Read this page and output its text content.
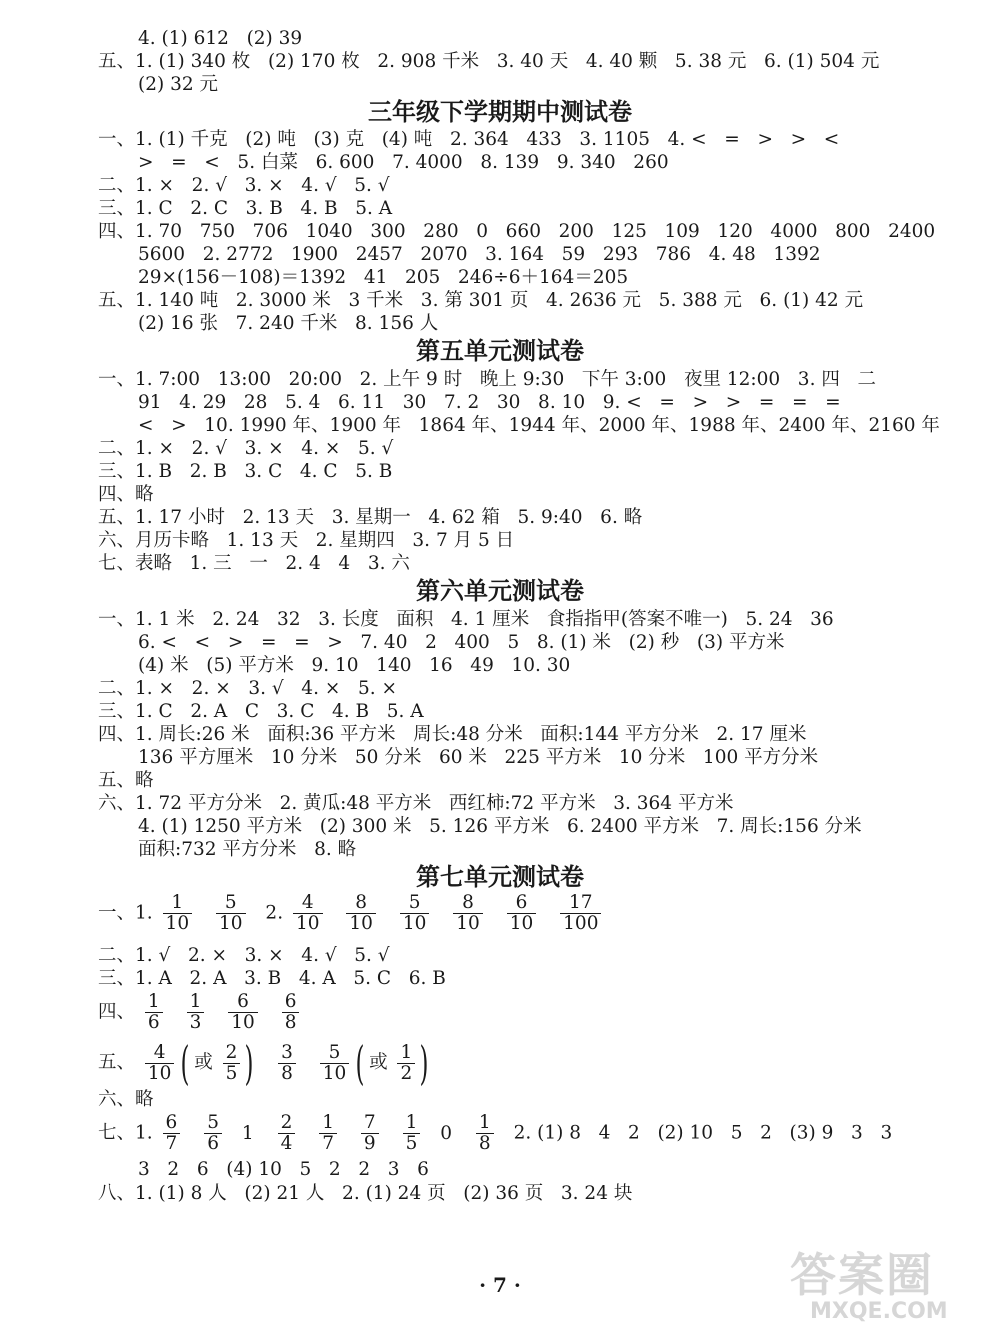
4. (1) 612   (2) 39
五、1. (1) 340 枚   (2) 170 枚   2. 908 千米   3. 40 天   4. 40 颗   5. 38 元   6. (1) 504 元
(2) 32 元
三年级下学期期中测试卷
一、1. (1) 千克   (2) 吨   (3) 克   (4) 吨   2. 364   433   3. 1105   4. <   =   >   >   <
>   =   <   5. 白菜   6. 600   7. 4000   8. 139   9. 340   260
二、1. ×   2. √   3. ×   4. √   5. √
三、1. C   2. C   3. B   4. B   5. A
四、1. 70   750   706   1040   300   280   0   660   200   125   109   120   4000   800   2400
5600   2. 2772   1900   2457   2070   3. 164   59   293   786   4. 48   1392
29×(156－108)＝1392   41   205   246÷6＋164＝205
五、1. 140 吨   2. 3000 米   3 千米   3. 第 301 页   4. 2636 元   5. 388 元   6. (1) 42 元
(2) 16 张   7. 240 千米   8. 156 人
第五单元测试卷
一、1. 7:00   13:00   20:00   2. 上午 9 时   晚上 9:30   下午 3:00   夜里 12:00   3. 四   二
91   4. 29   28   5. 4   6. 11   30   7. 2   30   8. 10   9. <   =   >   >   =   =   =
<   >   10. 1990 年、1900 年   1864 年、1944 年、2000 年、1988 年、2400 年、2160 年
二、1. ×   2. √   3. ×   4. ×   5. √
三、1. B   2. B   3. C   4. C   5. B
四、略
五、1. 17 小时   2. 13 天   3. 星期一   4. 62 箱   5. 9:40   6. 略
六、月历卡略   1. 13 天   2. 星期四   3. 7 月 5 日
七、表略   1. 三   一   2. 4   4   3. 六
第六单元测试卷
一、1. 1 米   2. 24   32   3. 长度   面积   4. 1 厘米   食指指甲(答案不唯一)   5. 24   36
6. <   <   >   =   =   >   7. 40   2   400   5   8. (1) 米   (2) 秒   (3) 平方米
(4) 米   (5) 平方米   9. 10   140   16   49   10. 30
二、1. ×   2. ×   3. √   4. ×   5. ×
三、1. C   2. A   C   3. C   4. B   5. A
四、1. 周长:26 米   面积:36 平方米   周长:48 分米   面积:144 平方分米   2. 17 厘米
136 平方厘米   10 分米   50 分米   60 米   225 平方米   10 分米   100 平方分米
五、略
六、1. 72 平方分米   2. 黄瓜:48 平方米   西红柿:72 平方米   3. 364 平方米
4. (1) 1250 平方米   (2) 300 米   5. 126 平方米   6. 2400 平方米   7. 周长:156 分米
面积:732 平方分米   8. 略
第七单元测试卷
一、1. $\frac{1}{10}$
$\frac{5}{10} 2$. $\frac{4}{10}$
$\frac{8}{10}$
$\frac{5}{10}$
$\frac{8}{10}$
$\frac{6}{10}$
$\frac{17}{100}$
二、1. √   2. ×   3. ×   4. √   5. √
三、1. A   2. A   3. B   4. A   5. C   6. B
四、 $\frac{1}{6}$
$\frac{1}{3}$
$\frac{6}{10}$
$\frac{6}{8}$
五、 $\frac{4}{10}$ ( 或 $\frac{2}{5}$ ) $\frac{3}{8}$
$\frac{5}{10}$ ( 或 $\frac{1}{2}$ )
六、略
七、1. $\frac{6}{7}$
$\frac{5}{6} 1 \frac{2}{4}$
$\frac{1}{7}$
$\frac{7}{9}$
$\frac{1}{5} 0 \frac{1}{8} 2$. (1) 8   4   2   (2) 10   5   2   (3) 9   3   3
3   2   6   (4) 10   5   2   2   3   6
八、1. (1) 8 人   (2) 21 人   2. (1) 24 页   (2) 36 页   3. 24 块
· 7 ·	答案圈
MXQE.COM
